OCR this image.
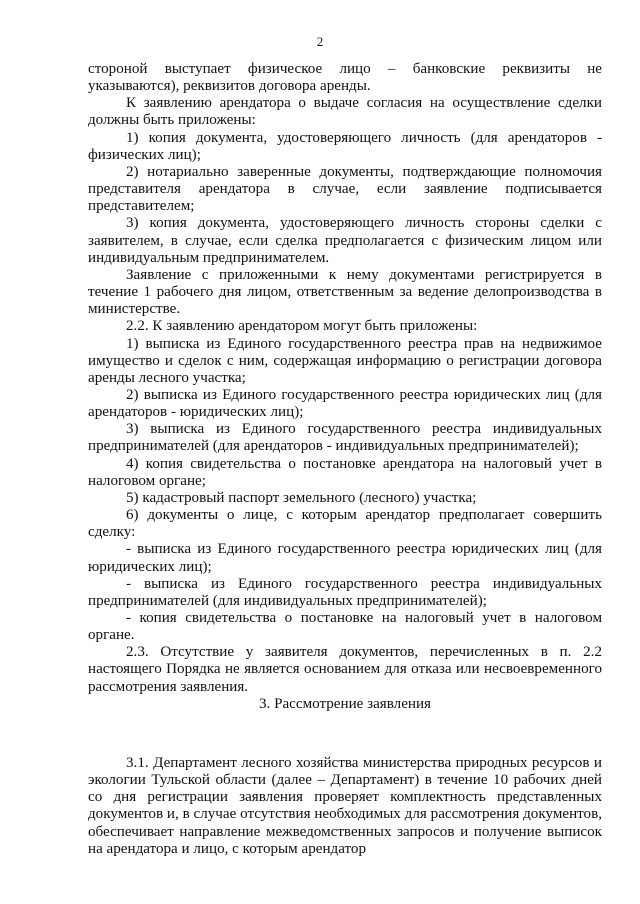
2

стороной выступает физическое лицо – банковские реквизиты не указываются), реквизитов договора аренды.

К заявлению арендатора о выдаче согласия на осуществление сделки должны быть приложены:

1) копия документа, удостоверяющего личность (для арендаторов - физических лиц);

2) нотариально заверенные документы, подтверждающие полномочия представителя арендатора в случае, если заявление подписывается представителем;

3) копия документа, удостоверяющего личность стороны сделки с заявителем, в случае, если сделка предполагается с физическим лицом или индивидуальным предпринимателем.

Заявление с приложенными к нему документами регистрируется в течение 1 рабочего дня лицом, ответственным за ведение делопроизводства в министерстве.

2.2. К заявлению арендатором могут быть приложены:

1) выписка из Единого государственного реестра прав на недвижимое имущество и сделок с ним, содержащая информацию о регистрации договора аренды лесного участка;

2) выписка из Единого государственного реестра юридических лиц (для арендаторов - юридических лиц);

3) выписка из Единого государственного реестра индивидуальных предпринимателей (для арендаторов - индивидуальных предпринимателей);

4) копия свидетельства о постановке арендатора на налоговый учет в налоговом органе;

5) кадастровый паспорт земельного (лесного) участка;

6) документы о лице, с которым арендатор предполагает совершить сделку:

- выписка из Единого государственного реестра юридических лиц (для юридических лиц);

- выписка из Единого государственного реестра индивидуальных предпринимателей (для индивидуальных предпринимателей);

- копия свидетельства о постановке на налоговый учет в налоговом органе.

2.3. Отсутствие у заявителя документов, перечисленных в п. 2.2 настоящего Порядка не является основанием для отказа или несвоевременного рассмотрения заявления.

3. Рассмотрение заявления

3.1. Департамент лесного хозяйства министерства природных ресурсов и экологии Тульской области (далее – Департамент) в течение 10 рабочих дней со дня регистрации заявления проверяет комплектность представленных документов и, в случае отсутствия необходимых для рассмотрения документов, обеспечивает направление межведомственных запросов и получение выписок на арендатора и лицо, с которым арендатор
